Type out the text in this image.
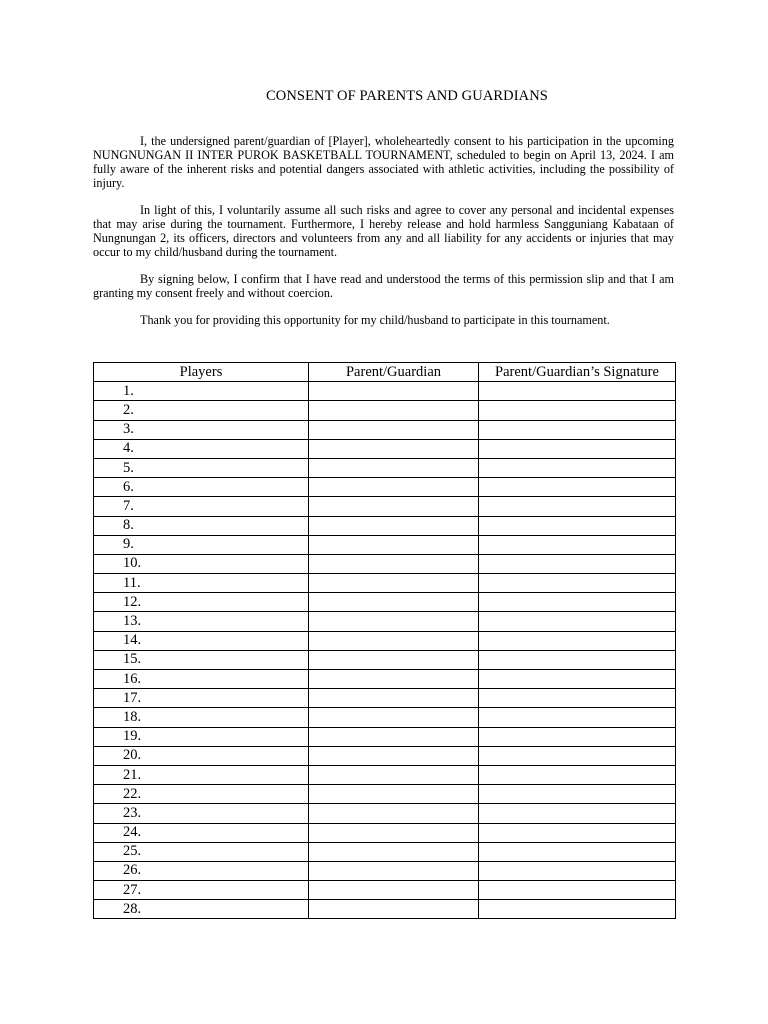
CONSENT OF PARENTS AND GUARDIANS

I, the undersigned parent/guardian of [Player], wholeheartedly consent to his participation in the upcoming NUNGNUNGAN II INTER PUROK BASKETBALL TOURNAMENT, scheduled to begin on April 13, 2024. I am fully aware of the inherent risks and potential dangers associated with athletic activities, including the possibility of injury.

In light of this, I voluntarily assume all such risks and agree to cover any personal and incidental expenses that may arise during the tournament. Furthermore, I hereby release and hold harmless Sangguniang Kabataan of Nungnungan 2, its officers, directors and volunteers from any and all liability for any accidents or injuries that may occur to my child/husband during the tournament.

By signing below, I confirm that I have read and understood the terms of this permission slip and that I am granting my consent freely and without coercion.

Thank you for providing this opportunity for my child/husband to participate in this tournament.

Players	Parent/Guardian	Parent/Guardian’s Signature
1.		
2.		
3.		
4.		
5.		
6.		
7.		
8.		
9.		
10.		
11.		
12.		
13.		
14.		
15.		
16.		
17.		
18.		
19.		
20.		
21.		
22.		
23.		
24.		
25.		
26.		
27.		
28.		
